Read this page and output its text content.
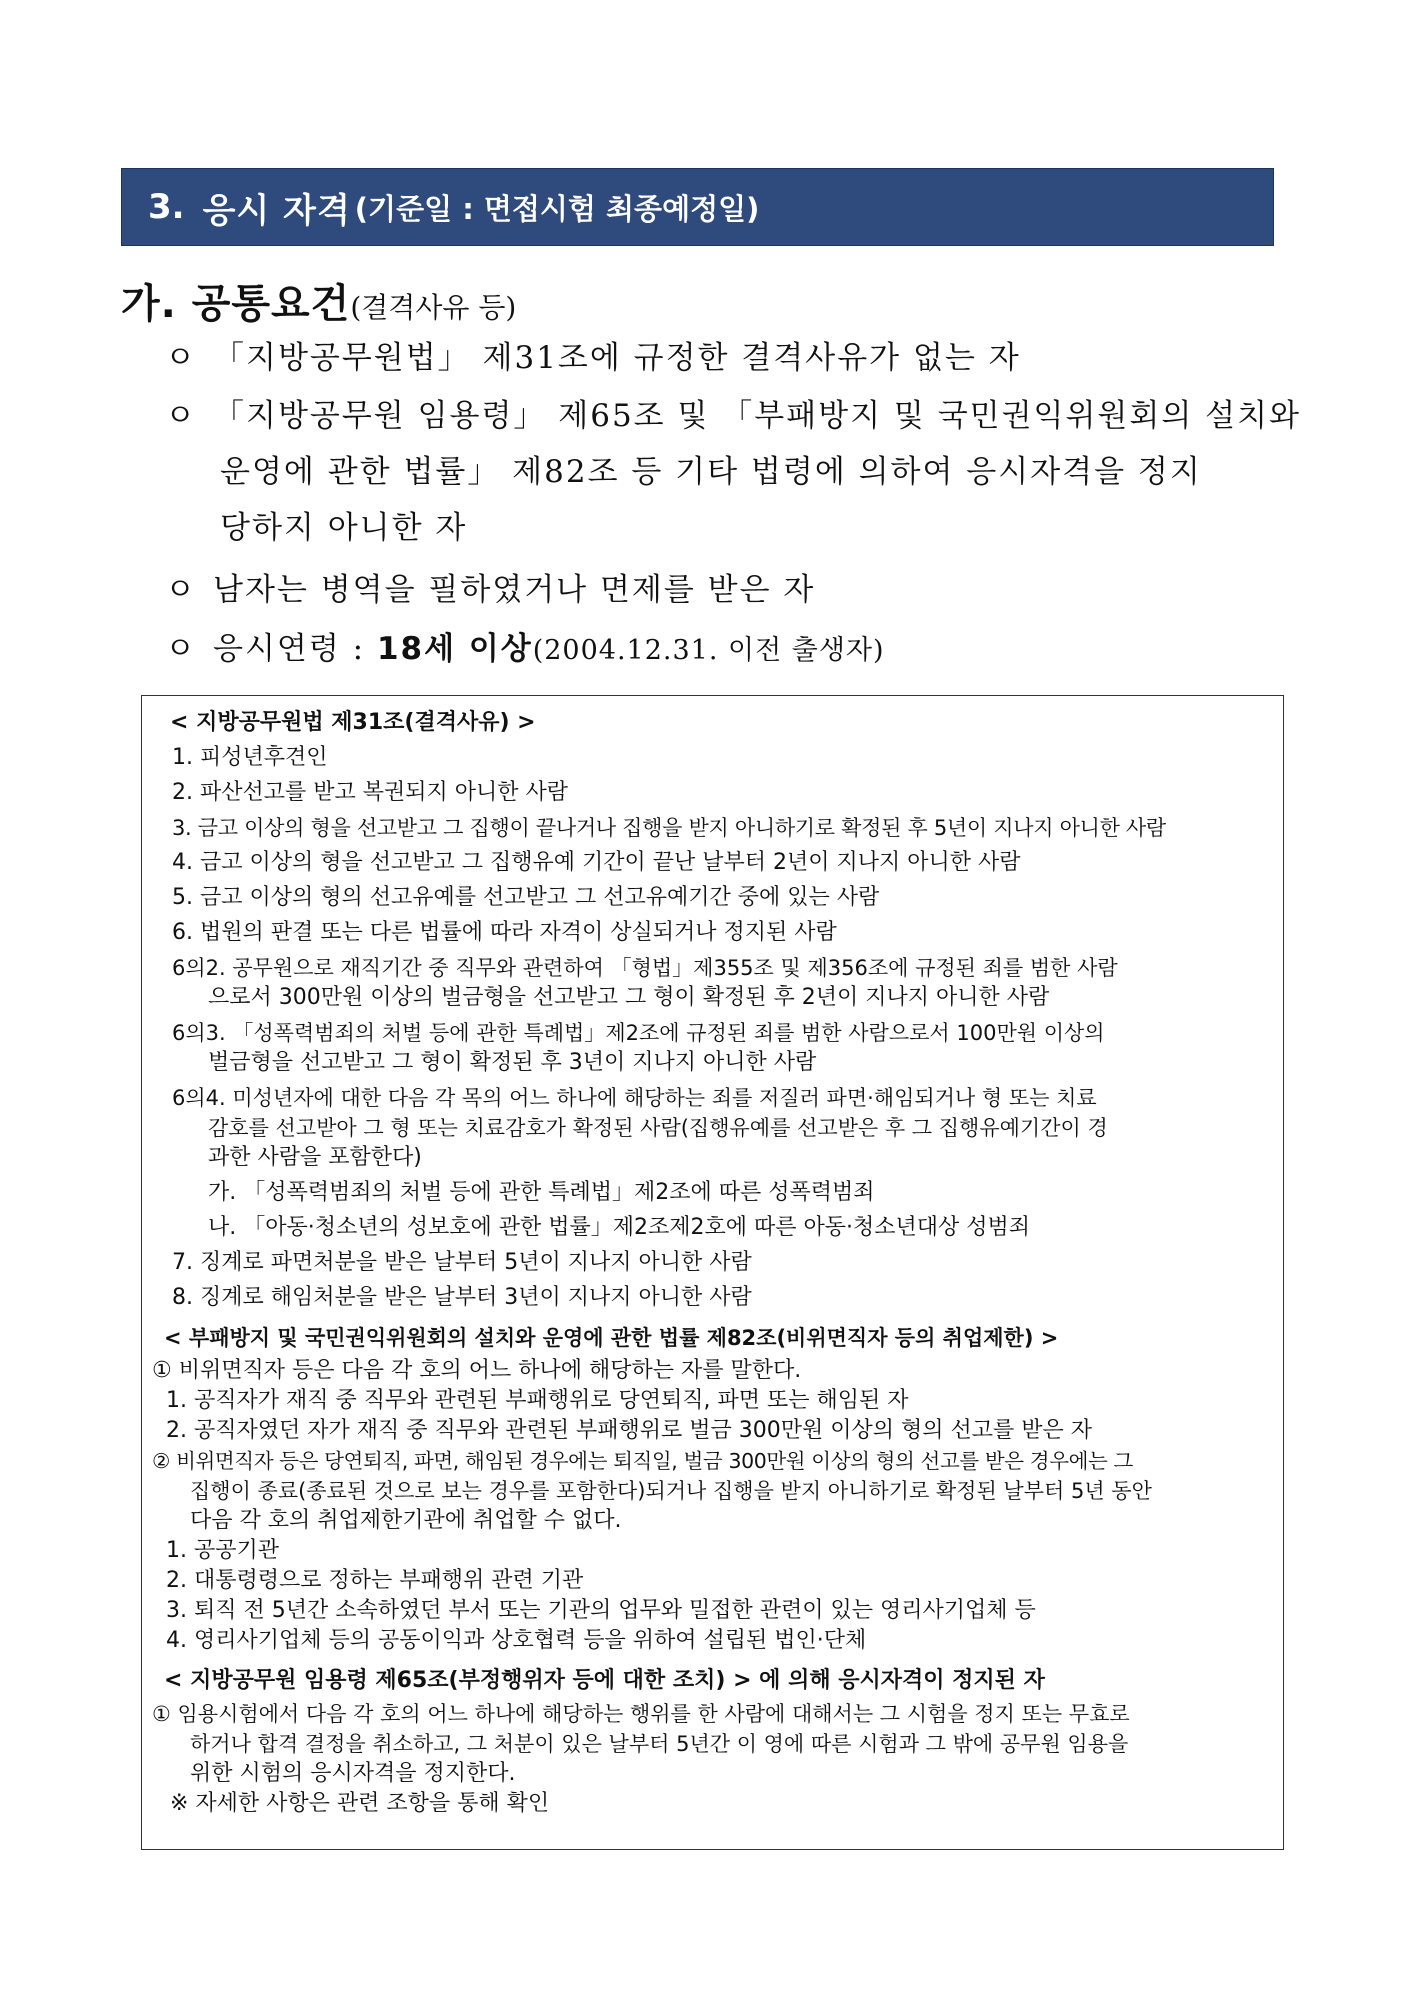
3. 응시 자격 (기준일 : 면접시험 최종예정일)
가. 공통요건(결격사유 등)
ㅇ 「지방공무원법」 제31조에 규정한 결격사유가 없는 자
ㅇ 「지방공무원 임용령」 제65조 및 「부패방지 및 국민권익위원회의 설치와
운영에 관한 법률」 제82조 등 기타 법령에 의하여 응시자격을 정지
당하지 아니한 자
ㅇ 남자는 병역을 필하였거나 면제를 받은 자
ㅇ 응시연령 : 18세 이상(2004.12.31. 이전 출생자)
< 지방공무원법 제31조(결격사유) >
1. 피성년후견인
2. 파산선고를 받고 복권되지 아니한 사람
3. 금고 이상의 형을 선고받고 그 집행이 끝나거나 집행을 받지 아니하기로 확정된 후 5년이 지나지 아니한 사람
4. 금고 이상의 형을 선고받고 그 집행유예 기간이 끝난 날부터 2년이 지나지 아니한 사람
5. 금고 이상의 형의 선고유예를 선고받고 그 선고유예기간 중에 있는 사람
6. 법원의 판결 또는 다른 법률에 따라 자격이 상실되거나 정지된 사람
6의2. 공무원으로 재직기간 중 직무와 관련하여 「형법」제355조 및 제356조에 규정된 죄를 범한 사람
으로서 300만원 이상의 벌금형을 선고받고 그 형이 확정된 후 2년이 지나지 아니한 사람
6의3. 「성폭력범죄의 처벌 등에 관한 특례법」제2조에 규정된 죄를 범한 사람으로서 100만원 이상의
벌금형을 선고받고 그 형이 확정된 후 3년이 지나지 아니한 사람
6의4. 미성년자에 대한 다음 각 목의 어느 하나에 해당하는 죄를 저질러 파면·해임되거나 형 또는 치료
감호를 선고받아 그 형 또는 치료감호가 확정된 사람(집행유예를 선고받은 후 그 집행유예기간이 경
과한 사람을 포함한다)
가. 「성폭력범죄의 처벌 등에 관한 특례법」제2조에 따른 성폭력범죄
나. 「아동·청소년의 성보호에 관한 법률」제2조제2호에 따른 아동·청소년대상 성범죄
7. 징계로 파면처분을 받은 날부터 5년이 지나지 아니한 사람
8. 징계로 해임처분을 받은 날부터 3년이 지나지 아니한 사람
< 부패방지 및 국민권익위원회의 설치와 운영에 관한 법률 제82조(비위면직자 등의 취업제한) >
① 비위면직자 등은 다음 각 호의 어느 하나에 해당하는 자를 말한다.
1. 공직자가 재직 중 직무와 관련된 부패행위로 당연퇴직, 파면 또는 해임된 자
2. 공직자였던 자가 재직 중 직무와 관련된 부패행위로 벌금 300만원 이상의 형의 선고를 받은 자
② 비위면직자 등은 당연퇴직, 파면, 해임된 경우에는 퇴직일, 벌금 300만원 이상의 형의 선고를 받은 경우에는 그
집행이 종료(종료된 것으로 보는 경우를 포함한다)되거나 집행을 받지 아니하기로 확정된 날부터 5년 동안
다음 각 호의 취업제한기관에 취업할 수 없다.
1. 공공기관
2. 대통령령으로 정하는 부패행위 관련 기관
3. 퇴직 전 5년간 소속하였던 부서 또는 기관의 업무와 밀접한 관련이 있는 영리사기업체 등
4. 영리사기업체 등의 공동이익과 상호협력 등을 위하여 설립된 법인·단체
< 지방공무원 임용령 제65조(부정행위자 등에 대한 조치) > 에 의해 응시자격이 정지된 자
① 임용시험에서 다음 각 호의 어느 하나에 해당하는 행위를 한 사람에 대해서는 그 시험을 정지 또는 무효로
하거나 합격 결정을 취소하고, 그 처분이 있은 날부터 5년간 이 영에 따른 시험과 그 밖에 공무원 임용을
위한 시험의 응시자격을 정지한다.
※ 자세한 사항은 관련 조항을 통해 확인
